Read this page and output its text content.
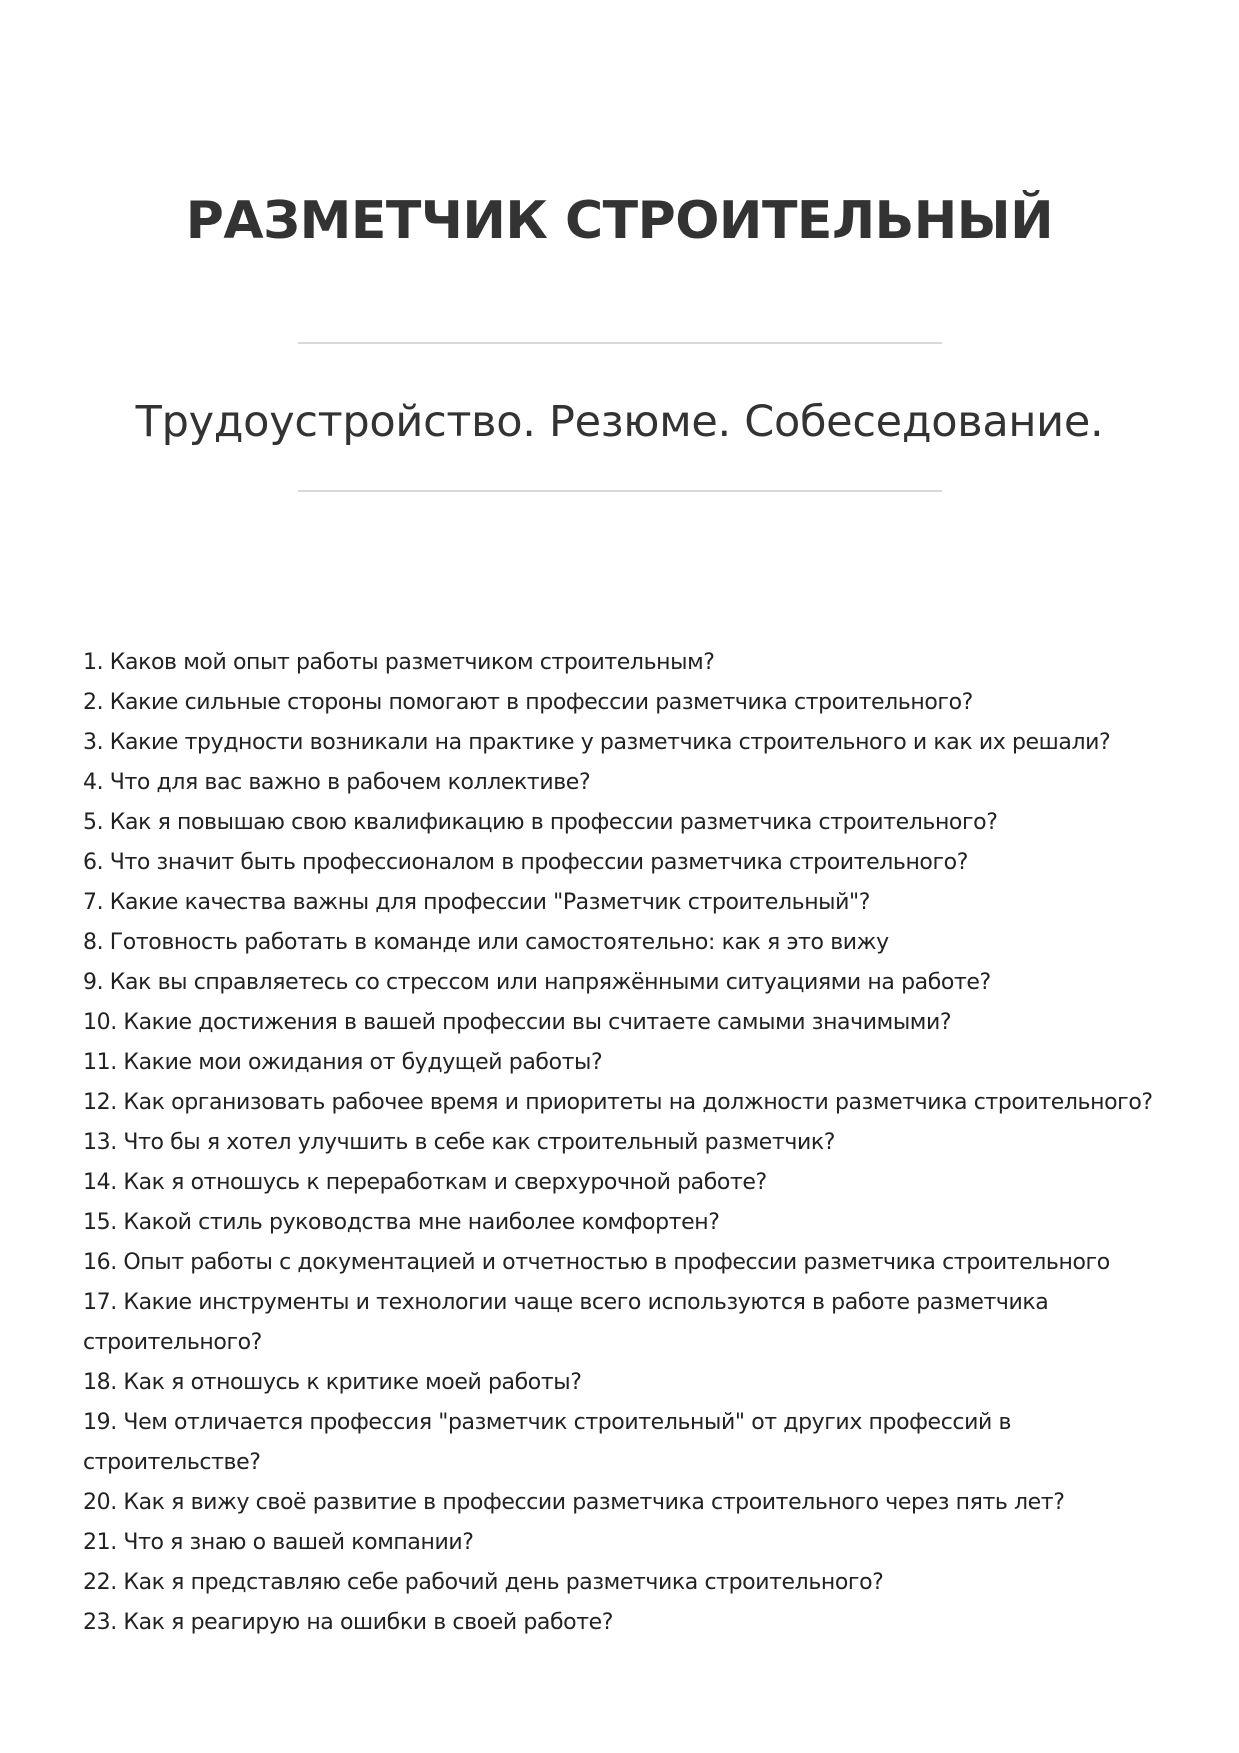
РАЗМЕТЧИК СТРОИТЕЛЬНЫЙ
Трудоустройство. Резюме. Собеседование.
1. Каков мой опыт работы разметчиком строительным?
2. Какие сильные стороны помогают в профессии разметчика строительного?
3. Какие трудности возникали на практике у разметчика строительного и как их решали?
4. Что для вас важно в рабочем коллективе?
5. Как я повышаю свою квалификацию в профессии разметчика строительного?
6. Что значит быть профессионалом в профессии разметчика строительного?
7. Какие качества важны для профессии "Разметчик строительный"?
8. Готовность работать в команде или самостоятельно: как я это вижу
9. Как вы справляетесь со стрессом или напряжёнными ситуациями на работе?
10. Какие достижения в вашей профессии вы считаете самыми значимыми?
11. Какие мои ожидания от будущей работы?
12. Как организовать рабочее время и приоритеты на должности разметчика строительного?
13. Что бы я хотел улучшить в себе как строительный разметчик?
14. Как я отношусь к переработкам и сверхурочной работе?
15. Какой стиль руководства мне наиболее комфортен?
16. Опыт работы с документацией и отчетностью в профессии разметчика строительного
17. Какие инструменты и технологии чаще всего используются в работе разметчика строительного?
18. Как я отношусь к критике моей работы?
19. Чем отличается профессия "разметчик строительный" от других профессий в строительстве?
20. Как я вижу своё развитие в профессии разметчика строительного через пять лет?
21. Что я знаю о вашей компании?
22. Как я представляю себе рабочий день разметчика строительного?
23. Как я реагирую на ошибки в своей работе?
